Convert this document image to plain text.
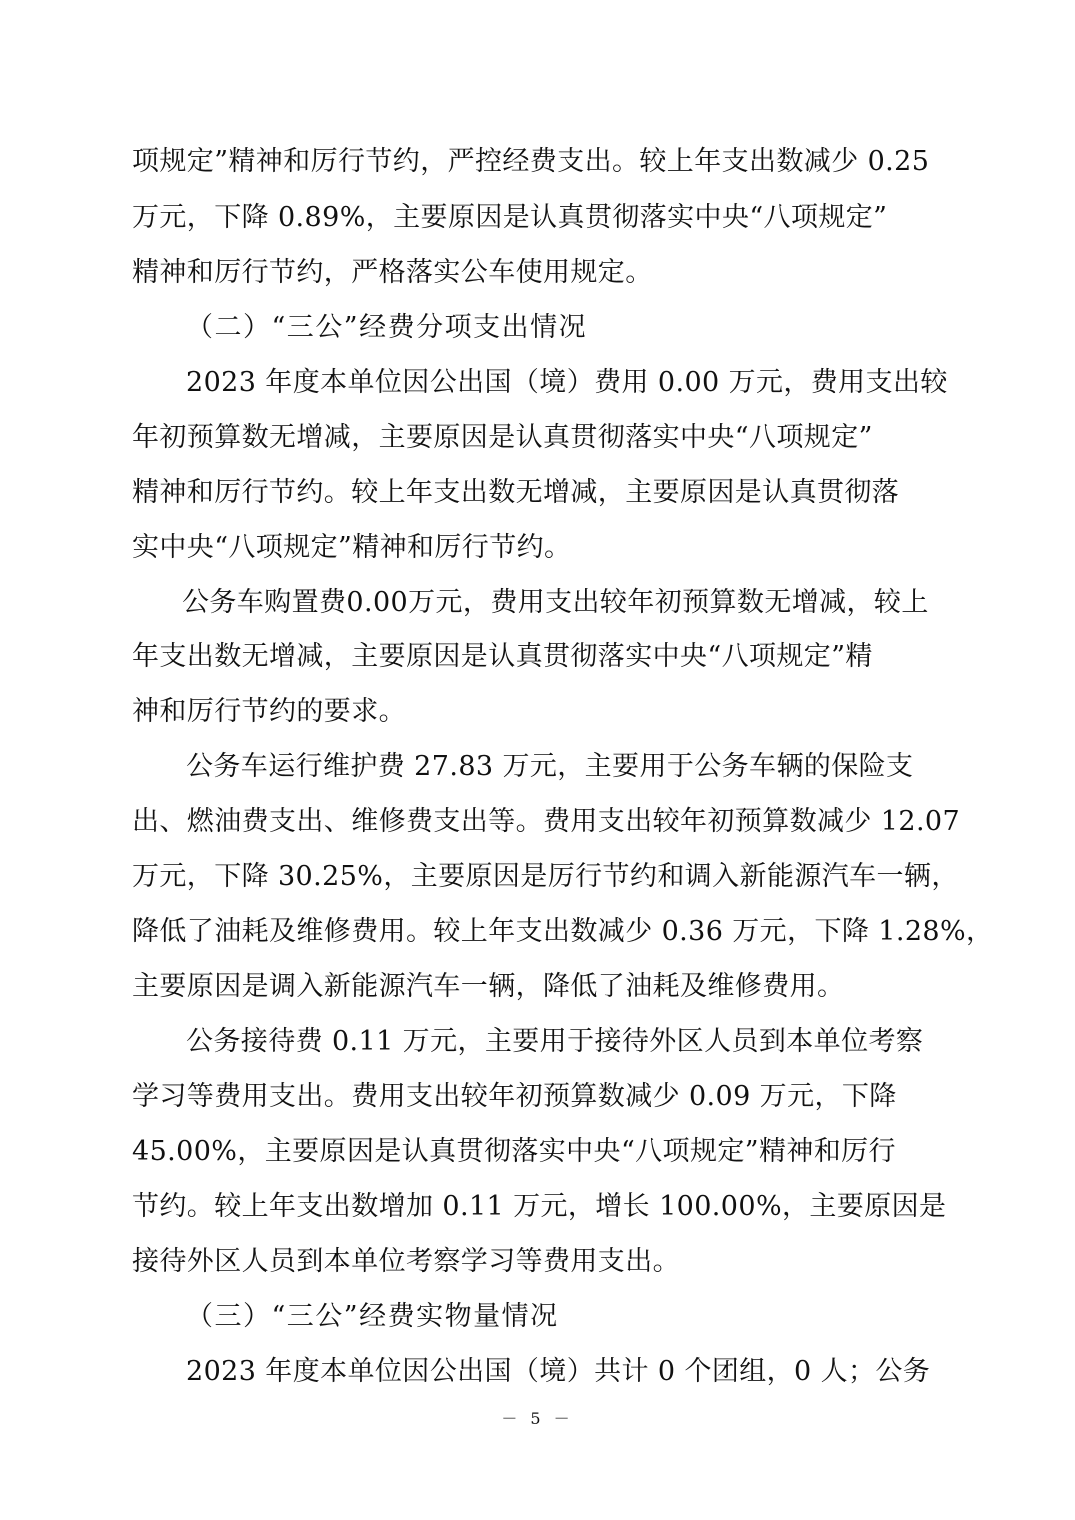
项规定”精神和厉行节约，严控经费支出。较上年支出数减少 0.25
万元，下降 0.89%，主要原因是认真贯彻落实中央“八项规定”
精神和厉行节约，严格落实公车使用规定。
（二）“三公”经费分项支出情况
2023 年度本单位因公出国（境）费用 0.00 万元，费用支出较
年初预算数无增减，主要原因是认真贯彻落实中央“八项规定”
精神和厉行节约。较上年支出数无增减，主要原因是认真贯彻落
实中央“八项规定”精神和厉行节约。
公务车购置费0.00万元，费用支出较年初预算数无增减，较上
年支出数无增减，主要原因是认真贯彻落实中央“八项规定”精
神和厉行节约的要求。
公务车运行维护费 27.83 万元，主要用于公务车辆的保险支
出、燃油费支出、维修费支出等。费用支出较年初预算数减少 12.07
万元，下降 30.25%，主要原因是厉行节约和调入新能源汽车一辆，
降低了油耗及维修费用。较上年支出数减少 0.36 万元，下降 1.28%，
主要原因是调入新能源汽车一辆，降低了油耗及维修费用。
公务接待费 0.11 万元，主要用于接待外区人员到本单位考察
学习等费用支出。费用支出较年初预算数减少 0.09 万元，下降
45.00%，主要原因是认真贯彻落实中央“八项规定”精神和厉行
节约。较上年支出数增加 0.11 万元，增长 100.00%，主要原因是
接待外区人员到本单位考察学习等费用支出。
（三）“三公”经费实物量情况
2023 年度本单位因公出国（境）共计 0 个团组，0 人；公务
－ 5 －
